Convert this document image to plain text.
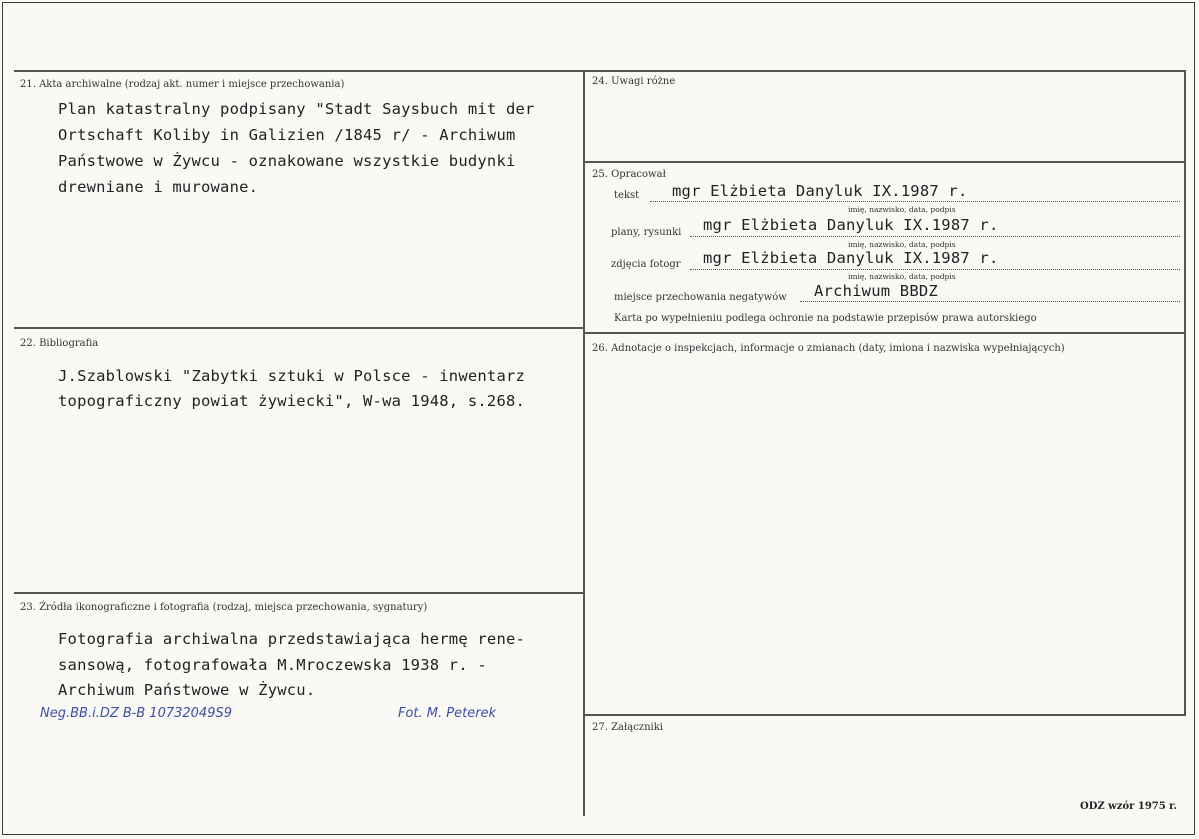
21. Akta archiwalne (rodzaj akt. numer i miejsce przechowania)
Plan katastralny podpisany "Stadt Saysbuch mit der
Ortschaft Koliby in Galizien /1845 r/ - Archiwum
Państwowe w Żywcu - oznakowane wszystkie budynki
drewniane i murowane.
22. Bibliografia
J.Szablowski "Zabytki sztuki w Polsce - inwentarz
topograficzny powiat żywiecki", W-wa 1948, s.268.
23. Źródła ikonograficzne i fotografia (rodzaj, miejsca przechowania, sygnatury)
Fotografia archiwalna przedstawiająca hermę rene-
sansową, fotografowała M.Mroczewska 1938 r. -
Archiwum Państwowe w Żywcu.
Neg.BB.i.DZ B-B 10732049S9	Fot. M. Peterek
24. Uwagi różne
25. Opracował
tekst mgr Elżbieta Danyluk IX.1987 r.
imię, nazwisko, data, podpis
plany, rysunki mgr Elżbieta Danyluk IX.1987 r.
imię, nazwisko, data, podpis
zdjęcia fotogr mgr Elżbieta Danyluk IX.1987 r.
imię, nazwisko, data, podpis
miejsce przechowania negatywów Archiwum BBDZ
Karta po wypełnieniu podlega ochronie na podstawie przepisów prawa autorskiego
26. Adnotacje o inspekcjach, informacje o zmianach (daty, imiona i nazwiska wypełniających)
27. Załączniki
ODZ wzór 1975 r.
